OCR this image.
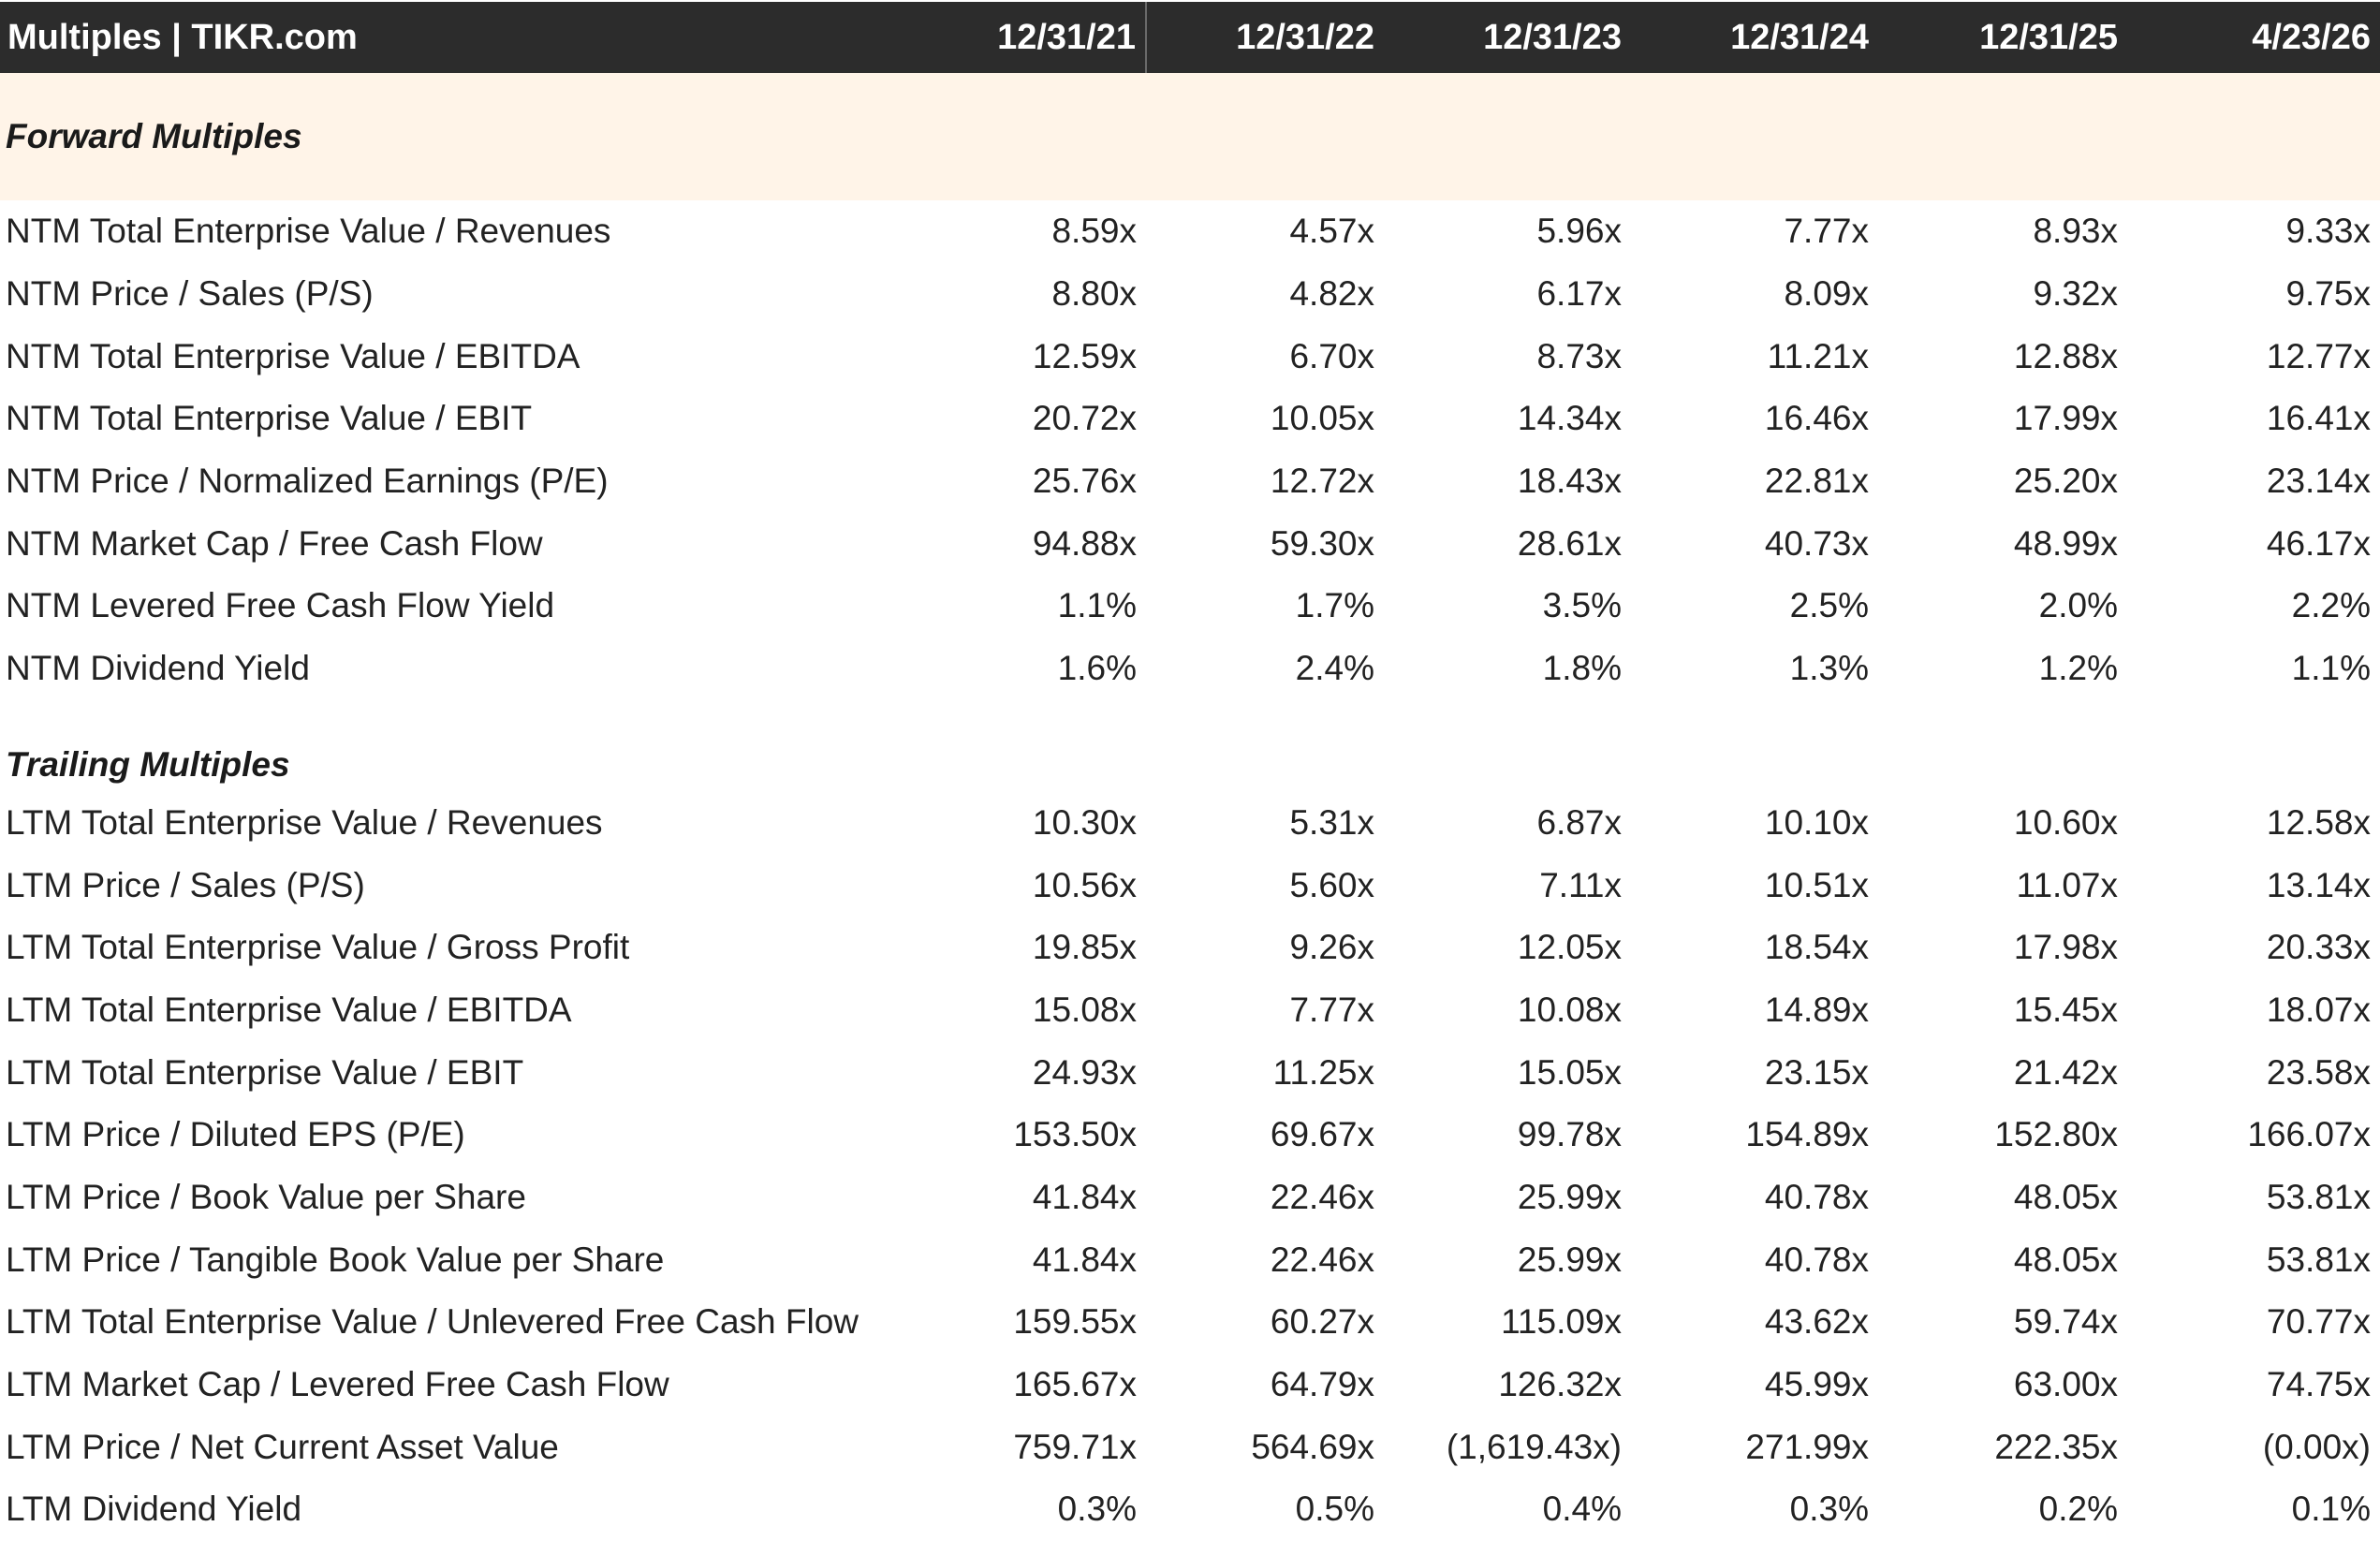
Multiples | TIKR.com	12/31/21	12/31/22	12/31/23	12/31/24	12/31/25	4/23/26
Forward Multiples						
NTM Total Enterprise Value / Revenues	8.59x	4.57x	5.96x	7.77x	8.93x	9.33x
NTM Price / Sales (P/S)	8.80x	4.82x	6.17x	8.09x	9.32x	9.75x
NTM Total Enterprise Value / EBITDA	12.59x	6.70x	8.73x	11.21x	12.88x	12.77x
NTM Total Enterprise Value / EBIT	20.72x	10.05x	14.34x	16.46x	17.99x	16.41x
NTM Price / Normalized Earnings (P/E)	25.76x	12.72x	18.43x	22.81x	25.20x	23.14x
NTM Market Cap / Free Cash Flow	94.88x	59.30x	28.61x	40.73x	48.99x	46.17x
NTM Levered Free Cash Flow Yield	1.1%	1.7%	3.5%	2.5%	2.0%	2.2%
NTM Dividend Yield	1.6%	2.4%	1.8%	1.3%	1.2%	1.1%
Trailing Multiples						
LTM Total Enterprise Value / Revenues	10.30x	5.31x	6.87x	10.10x	10.60x	12.58x
LTM Price / Sales (P/S)	10.56x	5.60x	7.11x	10.51x	11.07x	13.14x
LTM Total Enterprise Value / Gross Profit	19.85x	9.26x	12.05x	18.54x	17.98x	20.33x
LTM Total Enterprise Value / EBITDA	15.08x	7.77x	10.08x	14.89x	15.45x	18.07x
LTM Total Enterprise Value / EBIT	24.93x	11.25x	15.05x	23.15x	21.42x	23.58x
LTM Price / Diluted EPS (P/E)	153.50x	69.67x	99.78x	154.89x	152.80x	166.07x
LTM Price / Book Value per Share	41.84x	22.46x	25.99x	40.78x	48.05x	53.81x
LTM Price / Tangible Book Value per Share	41.84x	22.46x	25.99x	40.78x	48.05x	53.81x
LTM Total Enterprise Value / Unlevered Free Cash Flow	159.55x	60.27x	115.09x	43.62x	59.74x	70.77x
LTM Market Cap / Levered Free Cash Flow	165.67x	64.79x	126.32x	45.99x	63.00x	74.75x
LTM Price / Net Current Asset Value	759.71x	564.69x	(1,619.43x)	271.99x	222.35x	(0.00x)
LTM Dividend Yield	0.3%	0.5%	0.4%	0.3%	0.2%	0.1%
